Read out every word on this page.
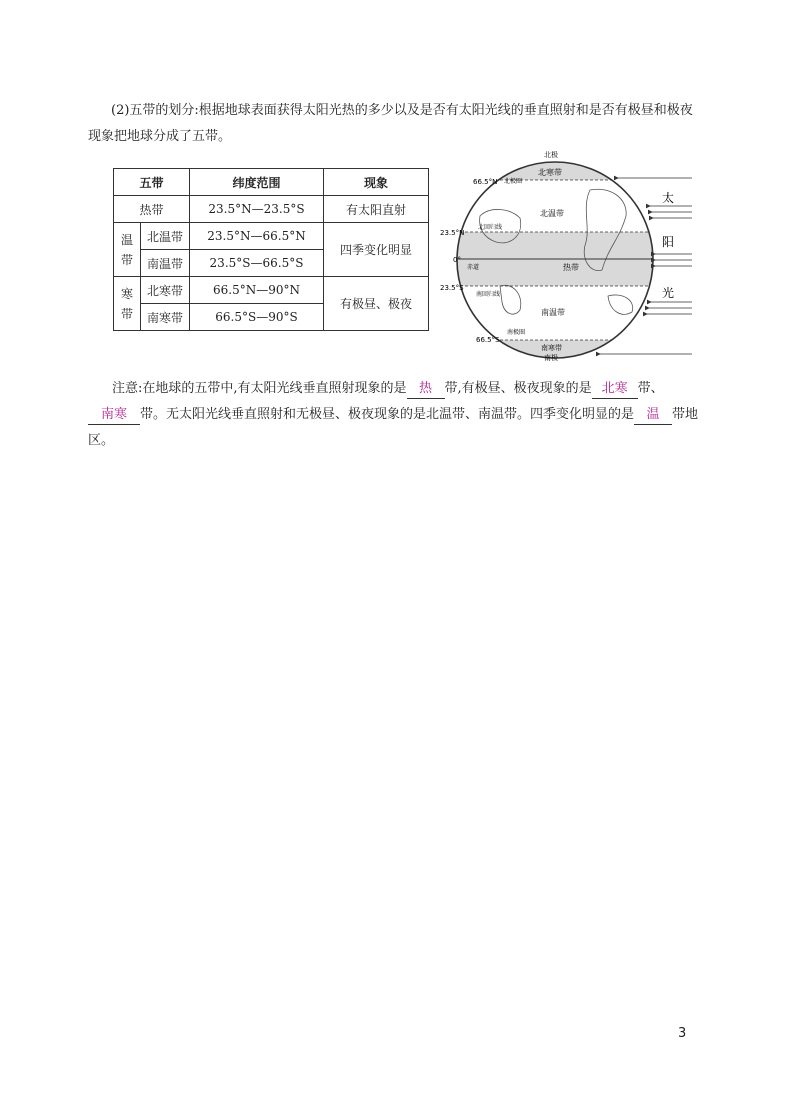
(2)五带的划分:根据地球表面获得太阳光热的多少以及是否有太阳光线的垂直照射和是否有极昼和极夜现象把地球分成了五带。

五带		纬度范围	现象
热带		23.5°N—23.5°S	有太阳直射
温
带	北温带	23.5°N—66.5°N	四季变化明显
	南温带	23.5°S—66.5°S	
寒
带	北寒带	66.5°N—90°N	有极昼、极夜
	南寒带	66.5°S—90°S	
北极
北寒带
北温带
热带
南温带
南寒带
南极
66.5°N 北极圈
23.5°N
北回归线
0°
赤道
23.5°S
南回归线
66.5°S
南极圈
太
阳
光

注意:在地球的五带中,有太阳光线垂直照射现象的是 热 带,有极昼、极夜现象的是 北寒 带、南寒 带。无太阳光线垂直照射和无极昼、极夜现象的是北温带、南温带。四季变化明显的是 温 带地区。

3
